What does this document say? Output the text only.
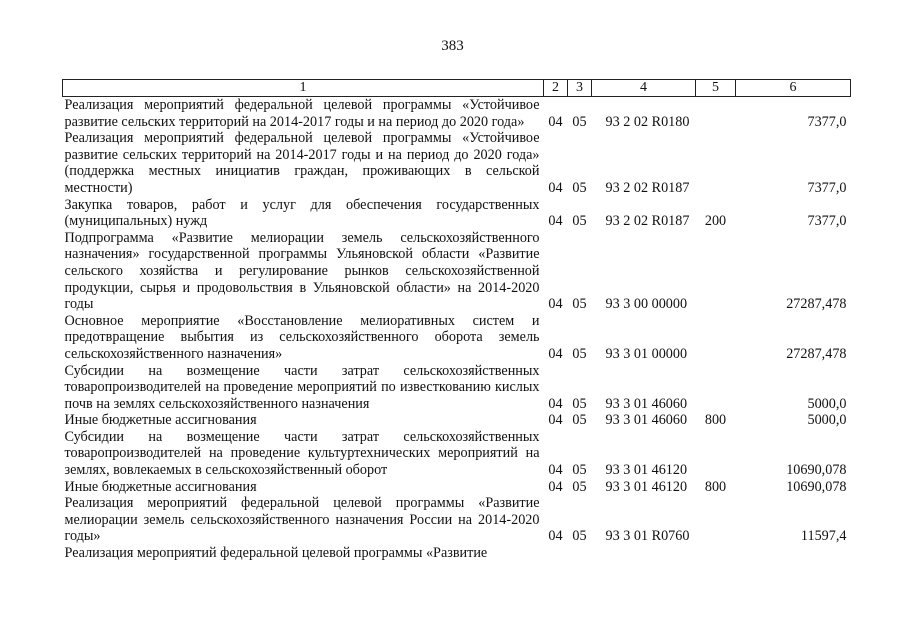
383
1	2	3	4	5	6
Реализация мероприятий федеральной целевой программы «Устойчивое развитие сельских территорий на 2014-2017 годы и на период до 2020 года»	04	05	93 2 02 R0180		7377,0
Реализация мероприятий федеральной целевой программы «Устойчивое развитие сельских территорий на 2014-2017 годы и на период до 2020 года» (поддержка местных инициатив граждан, проживающих в сельской местности)	04	05	93 2 02 R0187		7377,0
Закупка товаров, работ и услуг для обеспечения государственных (муниципальных) нужд	04	05	93 2 02 R0187	200	7377,0
Подпрограмма «Развитие мелиорации земель сельскохозяйственного назначения» государственной программы Ульяновской области «Развитие сельского хозяйства и регулирование рынков сельскохозяйственной продукции, сырья и продовольствия в Ульяновской области» на 2014-2020 годы	04	05	93 3 00 00000		27287,478
Основное мероприятие «Восстановление мелиоративных систем и предотвращение выбытия из сельскохозяйственного оборота земель сельскохозяйственного назначения»	04	05	93 3 01 00000		27287,478
Субсидии на возмещение части затрат сельскохозяйственных товаропроизводителей на проведение мероприятий по известкованию кислых почв на землях сельскохозяйственного назначения	04	05	93 3 01 46060		5000,0
Иные бюджетные ассигнования	04	05	93 3 01 46060	800	5000,0
Субсидии на возмещение части затрат сельскохозяйственных товаропроизводителей на проведение культуртехнических мероприятий на землях, вовлекаемых в сельскохозяйственный оборот	04	05	93 3 01 46120		10690,078
Иные бюджетные ассигнования	04	05	93 3 01 46120	800	10690,078
Реализация мероприятий федеральной целевой программы «Развитие мелиорации земель сельскохозяйственного назначения России на 2014-2020 годы»	04	05	93 3 01 R0760		11597,4
Реализация мероприятий федеральной целевой программы «Развитие					
